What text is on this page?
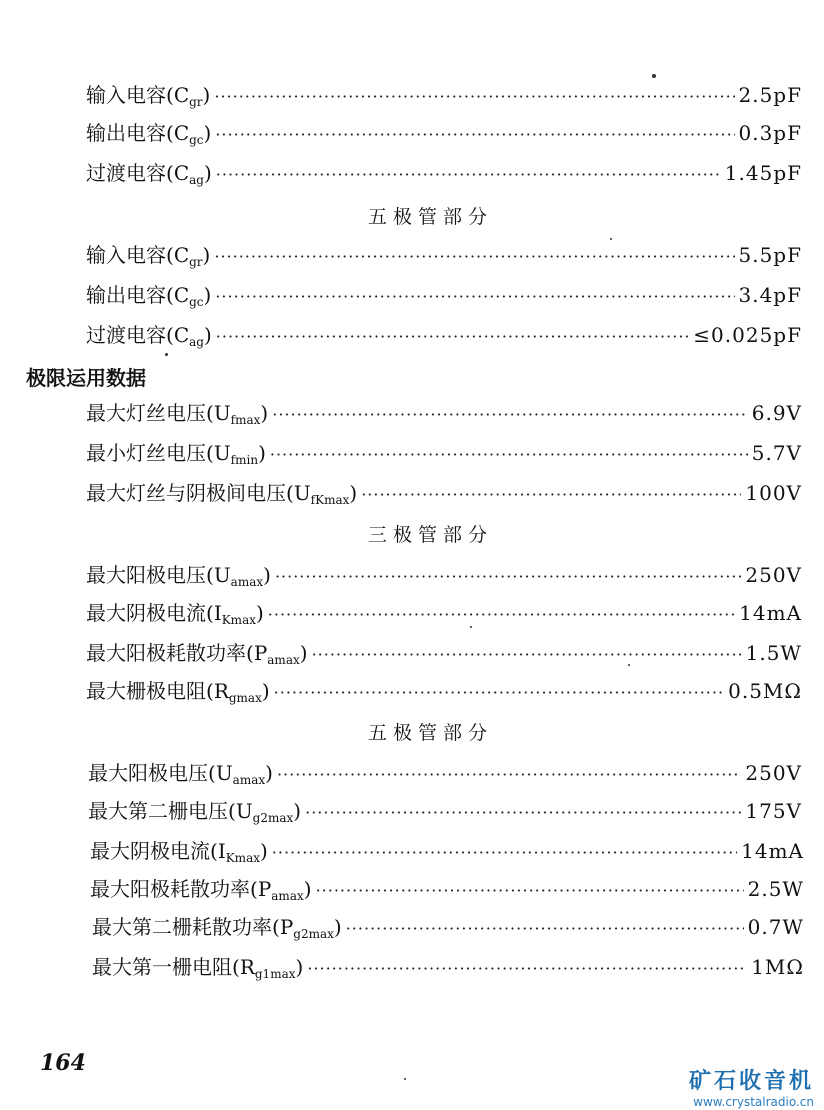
输入电容$(C_{gr})$ ·····	2.5pF
输出电容$(C_{gc})$ ·····	0.3pF
过渡电容$(C_{ag})$ ·····	1.45pF
五极管部分
输入电容$(C_{gr})$ ·····	5.5pF
输出电容$(C_{gc})$ ·····	3.4pF
过渡电容$(C_{ag})$ ·····	≤0.025pF
极限运用数据
最大灯丝电压$(U_{fmax})$ ·····	6.9V
最小灯丝电压$(U_{fmin})$ ·····	5.7V
最大灯丝与阴极间电压$(U_{fKmax})$ ·····	100V
三极管部分
最大阳极电压$(U_{amax})$ ·····	250V
最大阴极电流$(I_{Kmax})$ ·····	14mA
最大阳极耗散功率$(P_{amax})$ ·····	1.5W
最大栅极电阻$(R_{gmax})$ ·····	0.5MΩ
五极管部分
最大阳极电压$(U_{amax})$ ·····	250V
最大第二栅电压$(U_{g2max})$ ·····	175V
最大阴极电流$(I_{Kmax})$ ·····	14mA
最大阳极耗散功率$(P_{amax})$ ·····	2.5W
最大第二栅耗散功率$(P_{g2max})$ ·····	0.7W
最大第一栅电阻$(R_{g1max})$ ·····	1MΩ
164
矿石收音机
www.crystalradio.cn
